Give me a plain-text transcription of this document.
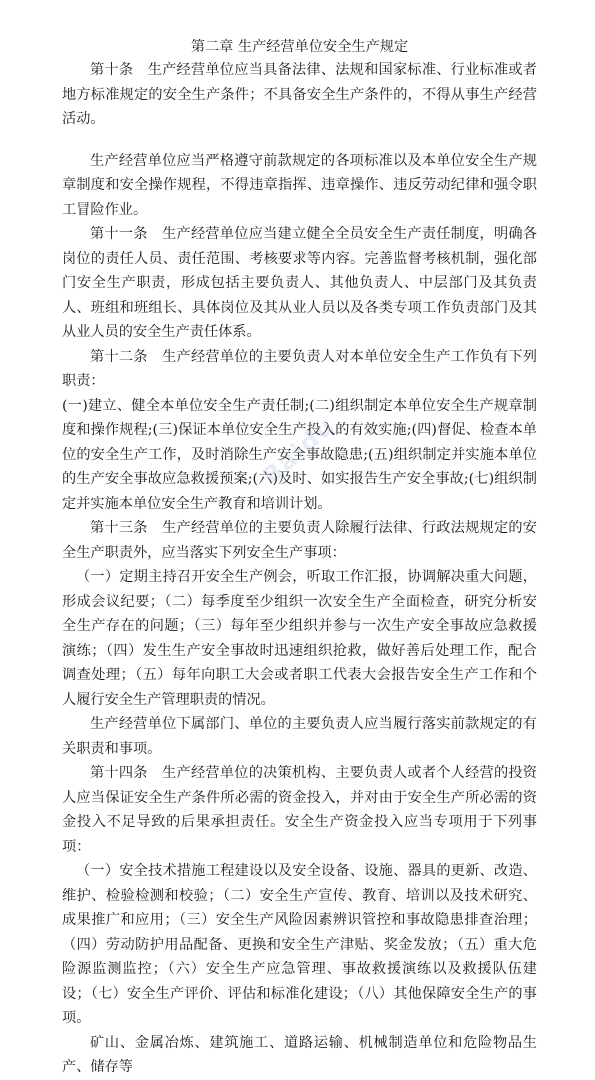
第二章 生产经营单位安全生产规定

第十条　生产经营单位应当具备法律、法规和国家标准、行业标准或者地方标准规定的安全生产条件；不具备安全生产条件的，不得从事生产经营活动。

生产经营单位应当严格遵守前款规定的各项标准以及本单位安全生产规章制度和安全操作规程，不得违章指挥、违章操作、违反劳动纪律和强令职工冒险作业。

第十一条　生产经营单位应当建立健全全员安全生产责任制度，明确各岗位的责任人员、责任范围、考核要求等内容。完善监督考核机制，强化部门安全生产职责，形成包括主要负责人、其他负责人、中层部门及其负责人、班组和班组长、具体岗位及其从业人员以及各类专项工作负责部门及其从业人员的安全生产责任体系。

第十二条　生产经营单位的主要负责人对本单位安全生产工作负有下列职责：

(一)建立、健全本单位安全生产责任制;(二)组织制定本单位安全生产规章制度和操作规程;(三)保证本单位安全生产投入的有效实施;(四)督促、检查本单位的安全生产工作，及时消除生产安全事故隐患;(五)组织制定并实施本单位的生产安全事故应急救援预案;(六)及时、如实报告生产安全事故;(七)组织制定并实施本单位安全生产教育和培训计划。

第十三条　生产经营单位的主要负责人除履行法律、行政法规规定的安全生产职责外，应当落实下列安全生产事项：

（一）定期主持召开安全生产例会，听取工作汇报，协调解决重大问题，形成会议纪要；（二）每季度至少组织一次安全生产全面检查，研究分析安全生产存在的问题；（三）每年至少组织并参与一次生产安全事故应急救援演练；（四）发生生产安全事故时迅速组织抢救，做好善后处理工作，配合调查处理；（五）每年向职工大会或者职工代表大会报告安全生产工作和个人履行安全生产管理职责的情况。

生产经营单位下属部门、单位的主要负责人应当履行落实前款规定的有关职责和事项。

第十四条　生产经营单位的决策机构、主要负责人或者个人经营的投资人应当保证安全生产条件所必需的资金投入，并对由于安全生产所必需的资金投入不足导致的后果承担责任。安全生产资金投入应当专项用于下列事项：

（一）安全技术措施工程建设以及安全设备、设施、器具的更新、改造、维护、检验检测和校验；（二）安全生产宣传、教育、培训以及技术研究、成果推广和应用；（三）安全生产风险因素辨识管控和事故隐患排查治理；（四）劳动防护用品配备、更换和安全生产津贴、奖金发放；（五）重大危险源监测监控；（六）安全生产应急管理、事故救援演练以及救援队伍建设；（七）安全生产评价、评估和标准化建设；（八）其他保障安全生产的事项。

矿山、金属冶炼、建筑施工、道路运输、机械制造单位和危险物品生产、储存等

Baidu
